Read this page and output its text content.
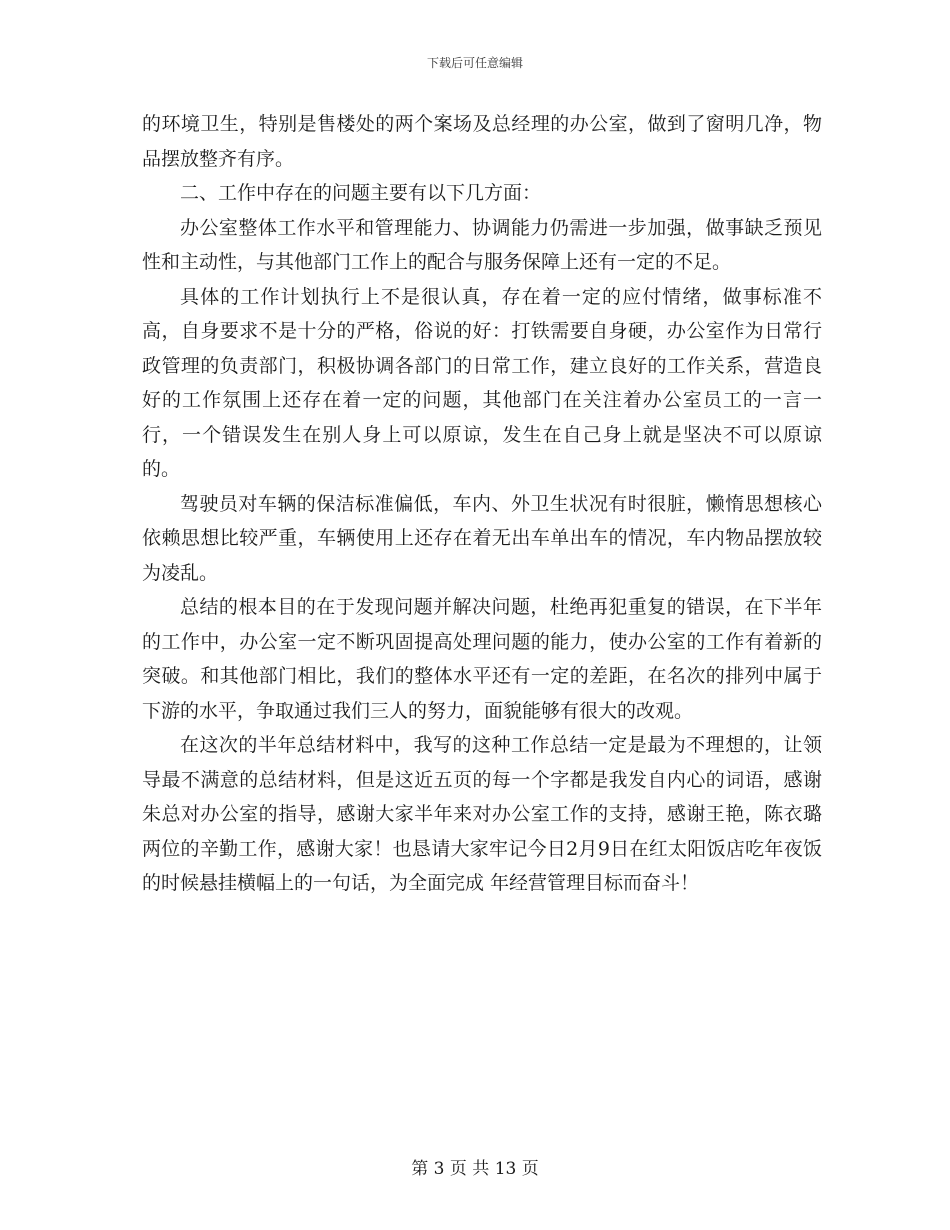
下载后可任意编辑

的环境卫生，特别是售楼处的两个案场及总经理的办公室，做到了窗明几净，物品摆放整齐有序。

二、工作中存在的问题主要有以下几方面：

办公室整体工作水平和管理能力、协调能力仍需进一步加强，做事缺乏预见性和主动性，与其他部门工作上的配合与服务保障上还有一定的不足。

具体的工作计划执行上不是很认真，存在着一定的应付情绪，做事标准不高，自身要求不是十分的严格，俗说的好：打铁需要自身硬，办公室作为日常行政管理的负责部门，积极协调各部门的日常工作，建立良好的工作关系，营造良好的工作氛围上还存在着一定的问题，其他部门在关注着办公室员工的一言一行，一个错误发生在别人身上可以原谅，发生在自己身上就是坚决不可以原谅的。

驾驶员对车辆的保洁标准偏低，车内、外卫生状况有时很脏，懒惰思想核心依赖思想比较严重，车辆使用上还存在着无出车单出车的情况，车内物品摆放较为凌乱。

总结的根本目的在于发现问题并解决问题，杜绝再犯重复的错误，在下半年的工作中，办公室一定不断巩固提高处理问题的能力，使办公室的工作有着新的突破。和其他部门相比，我们的整体水平还有一定的差距，在名次的排列中属于下游的水平，争取通过我们三人的努力，面貌能够有很大的改观。

在这次的半年总结材料中，我写的这种工作总结一定是最为不理想的，让领导最不满意的总结材料，但是这近五页的每一个字都是我发自内心的词语，感谢朱总对办公室的指导，感谢大家半年来对办公室工作的支持，感谢王艳，陈衣璐两位的辛勤工作，感谢大家！也恳请大家牢记今日2月9日在红太阳饭店吃年夜饭的时候悬挂横幅上的一句话，为全面完成 年经营管理目标而奋斗！

第 3 页 共 13 页
